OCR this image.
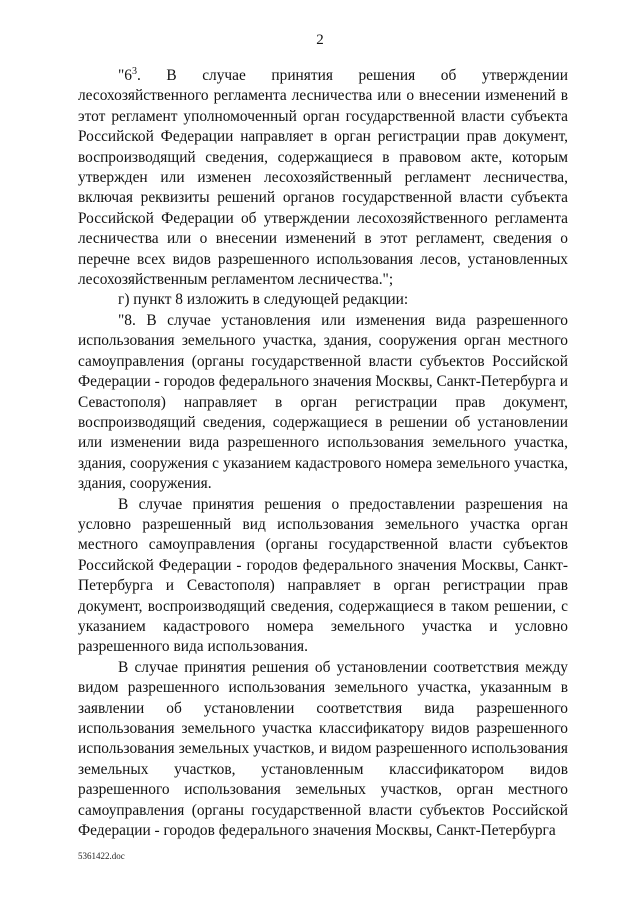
2

"$6^3$. В случае принятия решения об утверждении лесохозяйственного регламента лесничества или о внесении изменений в этот регламент уполномоченный орган государственной власти субъекта Российской Федерации направляет в орган регистрации прав документ, воспроизводящий сведения, содержащиеся в правовом акте, которым утвержден или изменен лесохозяйственный регламент лесничества, включая реквизиты решений органов государственной власти субъекта Российской Федерации об утверждении лесохозяйственного регламента лесничества или о внесении изменений в этот регламент, сведения о перечне всех видов разрешенного использования лесов, установленных лесохозяйственным регламентом лесничества.";

г) пункт 8 изложить в следующей редакции:

"8. В случае установления или изменения вида разрешенного использования земельного участка, здания, сооружения орган местного самоуправления (органы государственной власти субъектов Российской Федерации - городов федерального значения Москвы, Санкт-Петербурга и Севастополя) направляет в орган регистрации прав документ, воспроизводящий сведения, содержащиеся в решении об установлении или изменении вида разрешенного использования земельного участка, здания, сооружения с указанием кадастрового номера земельного участка, здания, сооружения.

В случае принятия решения о предоставлении разрешения на условно разрешенный вид использования земельного участка орган местного самоуправления (органы государственной власти субъектов Российской Федерации - городов федерального значения Москвы, Санкт-Петербурга и Севастополя) направляет в орган регистрации прав документ, воспроизводящий сведения, содержащиеся в таком решении, с указанием кадастрового номера земельного участка и условно разрешенного вида использования.

В случае принятия решения об установлении соответствия между видом разрешенного использования земельного участка, указанным в заявлении об установлении соответствия вида разрешенного использования земельного участка классификатору видов разрешенного использования земельных участков, и видом разрешенного использования земельных участков, установленным классификатором видов разрешенного использования земельных участков, орган местного самоуправления (органы государственной власти субъектов Российской Федерации - городов федерального значения Москвы, Санкт-Петербурга

5361422.doc
